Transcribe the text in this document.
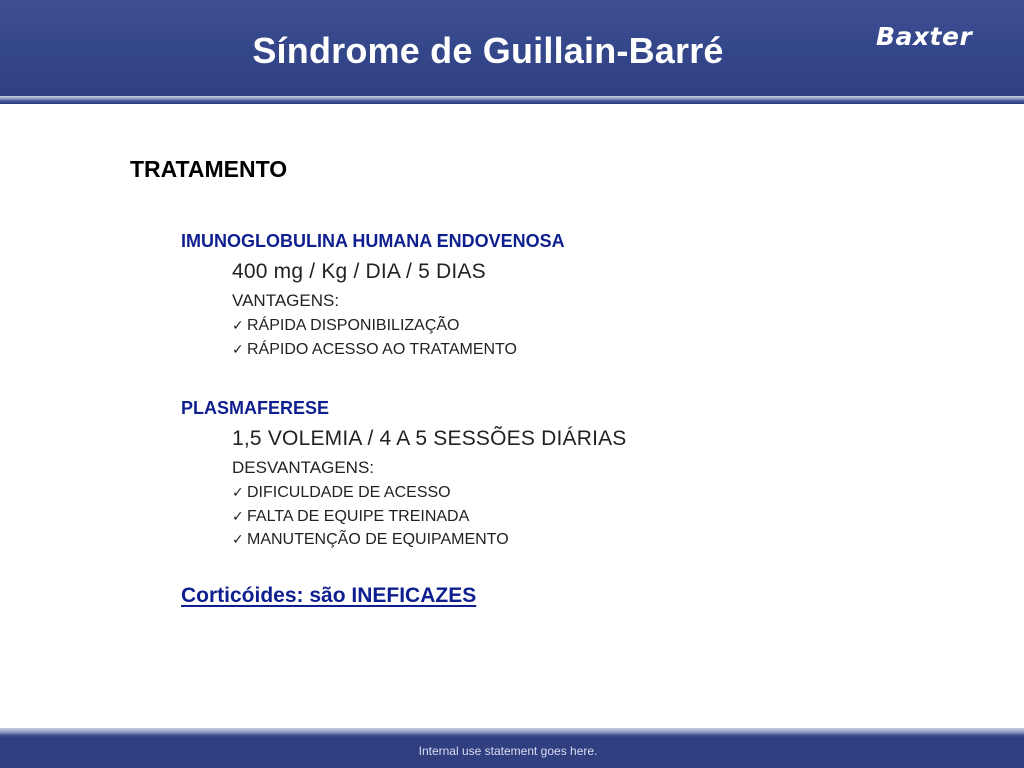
Síndrome de Guillain-Barré	Baxter
TRATAMENTO
IMUNOGLOBULINA HUMANA ENDOVENOSA
400 mg / Kg / DIA / 5 DIAS
VANTAGENS:
✓ RÁPIDA DISPONIBILIZAÇÃO
✓ RÁPIDO ACESSO AO TRATAMENTO
PLASMAFERESE
1,5 VOLEMIA / 4 A 5 SESSÕES DIÁRIAS
DESVANTAGENS:
✓ DIFICULDADE DE ACESSO
✓ FALTA DE EQUIPE TREINADA
✓ MANUTENÇÃO DE EQUIPAMENTO
Corticóides: são INEFICAZES
Internal use statement goes here.
